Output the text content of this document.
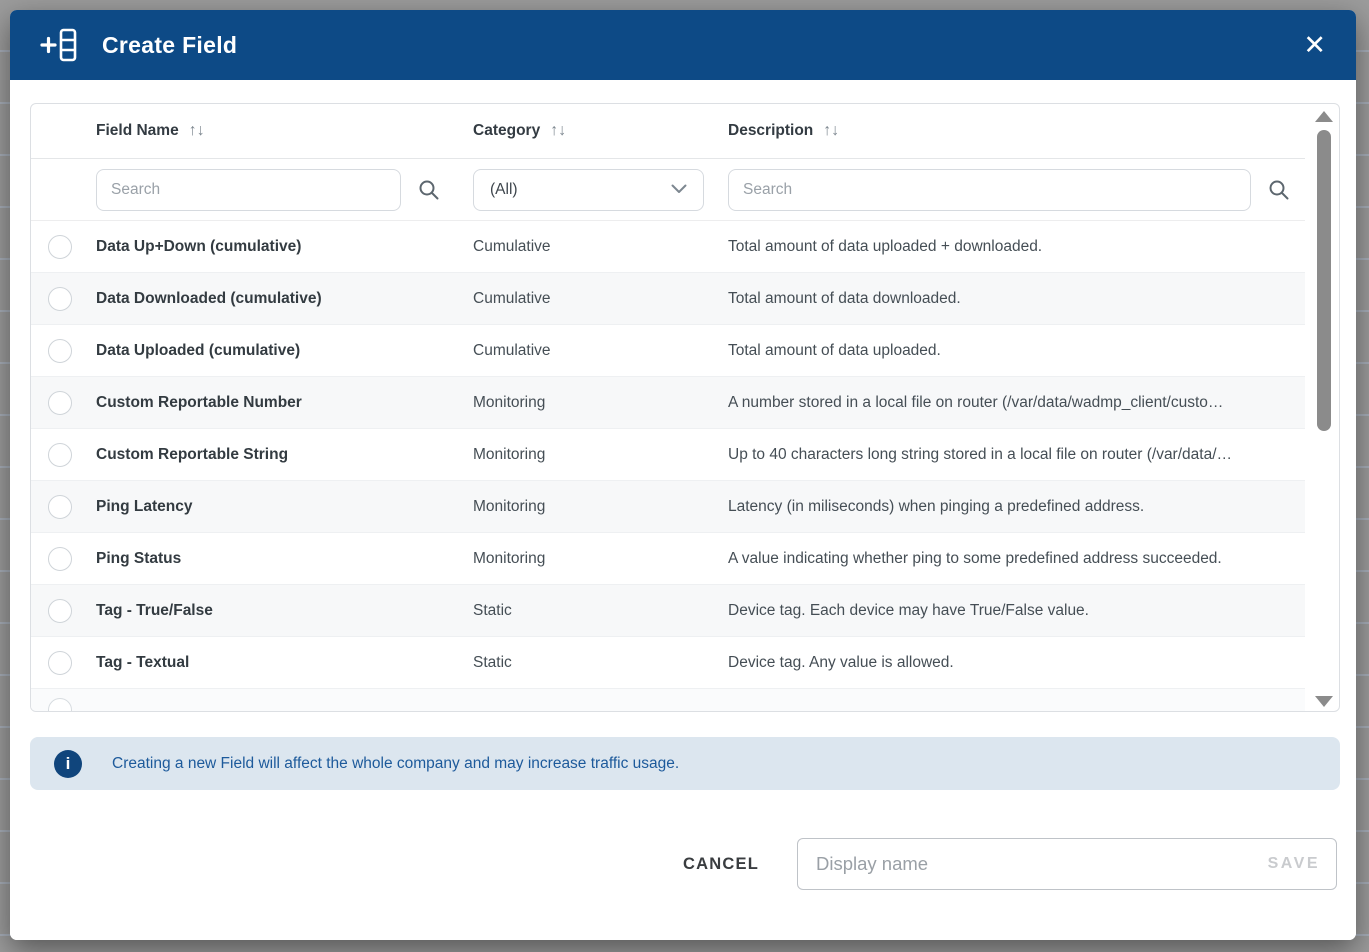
Create Field	✕
Field Name ↑↓	Category ↑↓	Description ↑↓
Search
(All)
Search
Data Up+Down (cumulative)	Cumulative	Total amount of data uploaded + downloaded.
Data Downloaded (cumulative)	Cumulative	Total amount of data downloaded.
Data Uploaded (cumulative)	Cumulative	Total amount of data uploaded.
Custom Reportable Number	Monitoring	A number stored in a local file on router (/var/data/wadmp_client/custo…
Custom Reportable String	Monitoring	Up to 40 characters long string stored in a local file on router (/var/data/…
Ping Latency	Monitoring	Latency (in miliseconds) when pinging a predefined address.
Ping Status	Monitoring	A value indicating whether ping to some predefined address succeeded.
Tag - True/False	Static	Device tag. Each device may have True/False value.
Tag - Textual	Static	Device tag. Any value is allowed.
i	Creating a new Field will affect the whole company and may increase traffic usage.
CANCEL
Display name	SAVE
